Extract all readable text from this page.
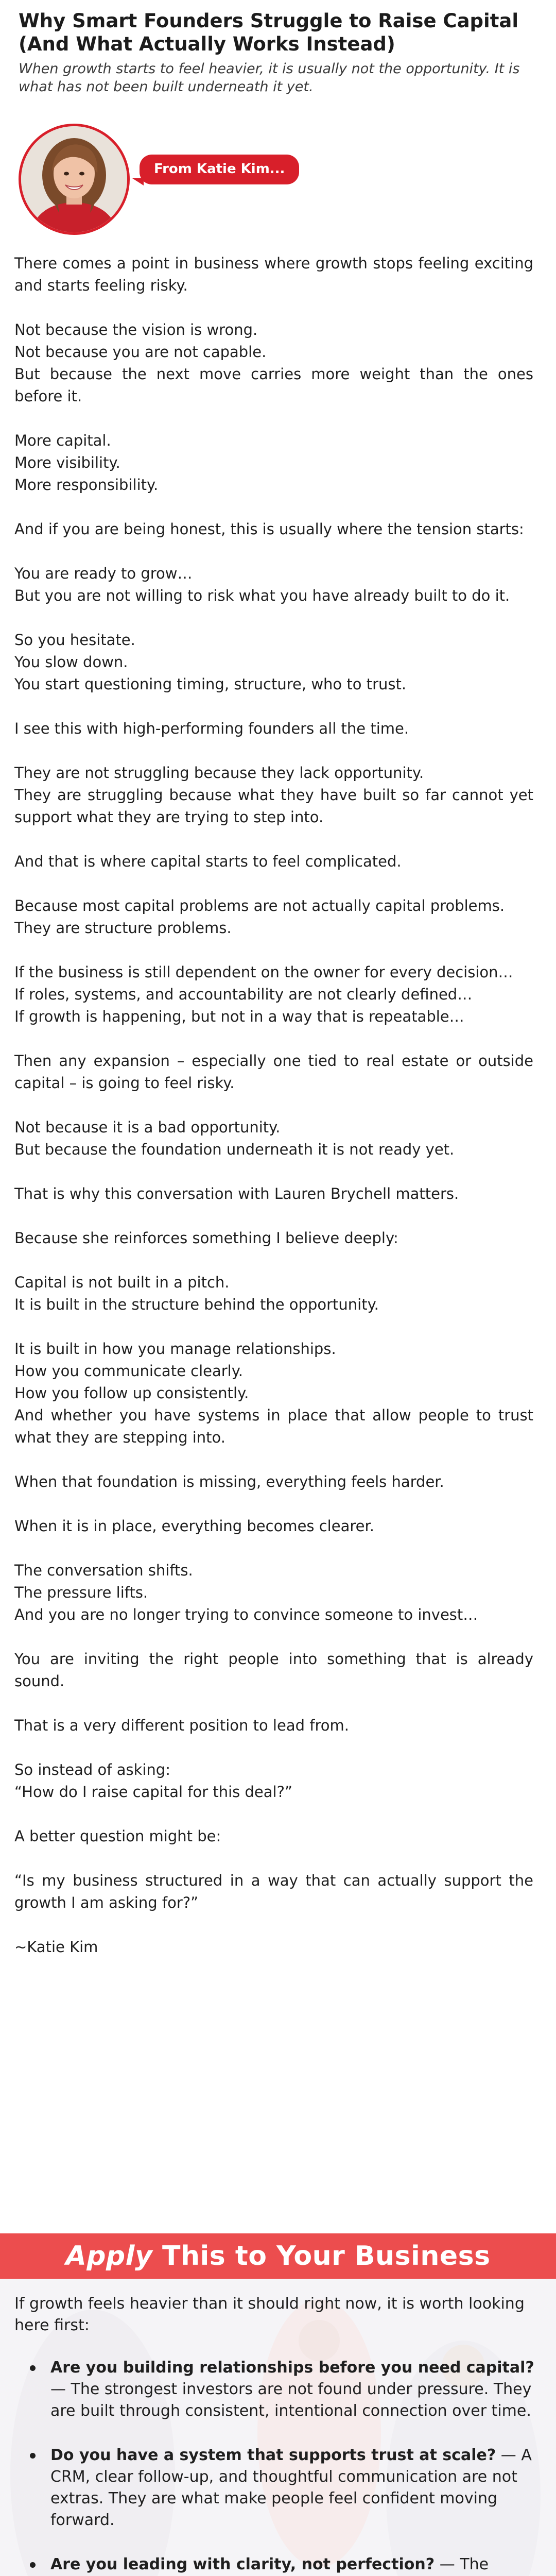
Why Smart Founders Struggle to Raise Capital (And What Actually Works Instead)

When growth starts to feel heavier, it is usually not the opportunity. It is what has not been built underneath it yet.

From Katie Kim...

There comes a point in business where growth stops feeling exciting and starts feeling risky.

Not because the vision is wrong.
Not because you are not capable.
But because the next move carries more weight than the ones before it.

More capital.
More visibility.
More responsibility.

And if you are being honest, this is usually where the tension starts:

You are ready to grow…
But you are not willing to risk what you have already built to do it.

So you hesitate.
You slow down.
You start questioning timing, structure, who to trust.

I see this with high-performing founders all the time.

They are not struggling because they lack opportunity.
They are struggling because what they have built so far cannot yet support what they are trying to step into.

And that is where capital starts to feel complicated.

Because most capital problems are not actually capital problems.
They are structure problems.

If the business is still dependent on the owner for every decision…
If roles, systems, and accountability are not clearly defined…
If growth is happening, but not in a way that is repeatable…

Then any expansion – especially one tied to real estate or outside capital – is going to feel risky.

Not because it is a bad opportunity.
But because the foundation underneath it is not ready yet.

That is why this conversation with Lauren Brychell matters.

Because she reinforces something I believe deeply:

Capital is not built in a pitch.
It is built in the structure behind the opportunity.

It is built in how you manage relationships.
How you communicate clearly.
How you follow up consistently.
And whether you have systems in place that allow people to trust what they are stepping into.

When that foundation is missing, everything feels harder.

When it is in place, everything becomes clearer.

The conversation shifts.
The pressure lifts.
And you are no longer trying to convince someone to invest…

You are inviting the right people into something that is already sound.

That is a very different position to lead from.

So instead of asking:
“How do I raise capital for this deal?”

A better question might be:

“Is my business structured in a way that can actually support the growth I am asking for?”

~Katie Kim

Apply This to Your Business

If growth feels heavier than it should right now, it is worth looking here first:

Are you building relationships before you need capital? — The strongest investors are not found under pressure. They are built through consistent, intentional connection over time.
Do you have a system that supports trust at scale? — A CRM, clear follow-up, and thoughtful communication are not extras. They are what make people feel confident moving forward.
Are you leading with clarity, not perfection? — The
